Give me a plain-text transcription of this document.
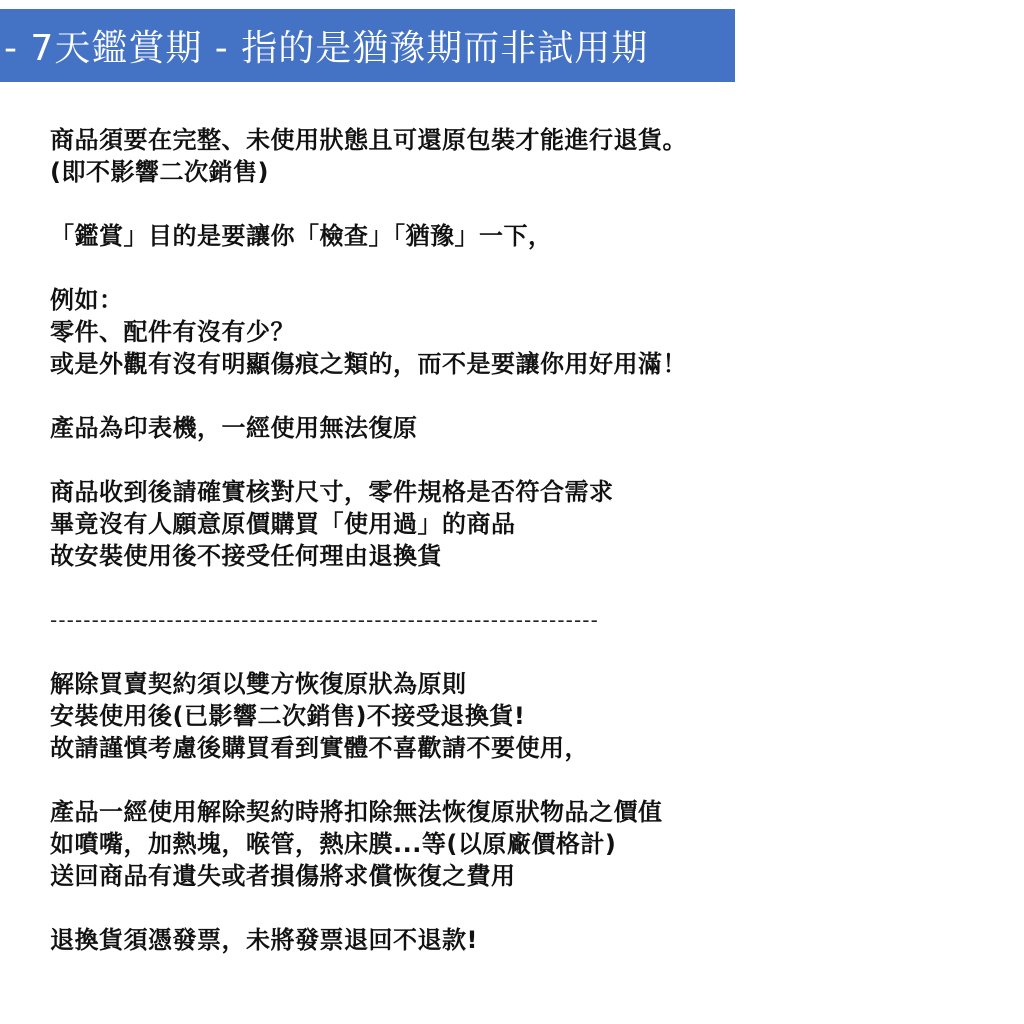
- 7天鑑賞期 - 指的是猶豫期而非試用期
商品須要在完整、未使用狀態且可還原包裝才能進行退貨。
(即不影響二次銷售)
「鑑賞」目的是要讓你「檢查」「猶豫」一下，
例如：
零件、配件有沒有少？
或是外觀有沒有明顯傷痕之類的，而不是要讓你用好用滿！
產品為印表機，一經使用無法復原
商品收到後請確實核對尺寸，零件規格是否符合需求
畢竟沒有人願意原價購買「使用過」的商品
故安裝使用後不接受任何理由退換貨
------------------------------------------------------------------
解除買賣契約須以雙方恢復原狀為原則
安裝使用後(已影響二次銷售)不接受退換貨!
故請謹慎考慮後購買看到實體不喜歡請不要使用，
產品一經使用解除契約時將扣除無法恢復原狀物品之價值
如噴嘴，加熱塊，喉管，熱床膜...等(以原廠價格計)
送回商品有遺失或者損傷將求償恢復之費用
退換貨須憑發票，未將發票退回不退款!
